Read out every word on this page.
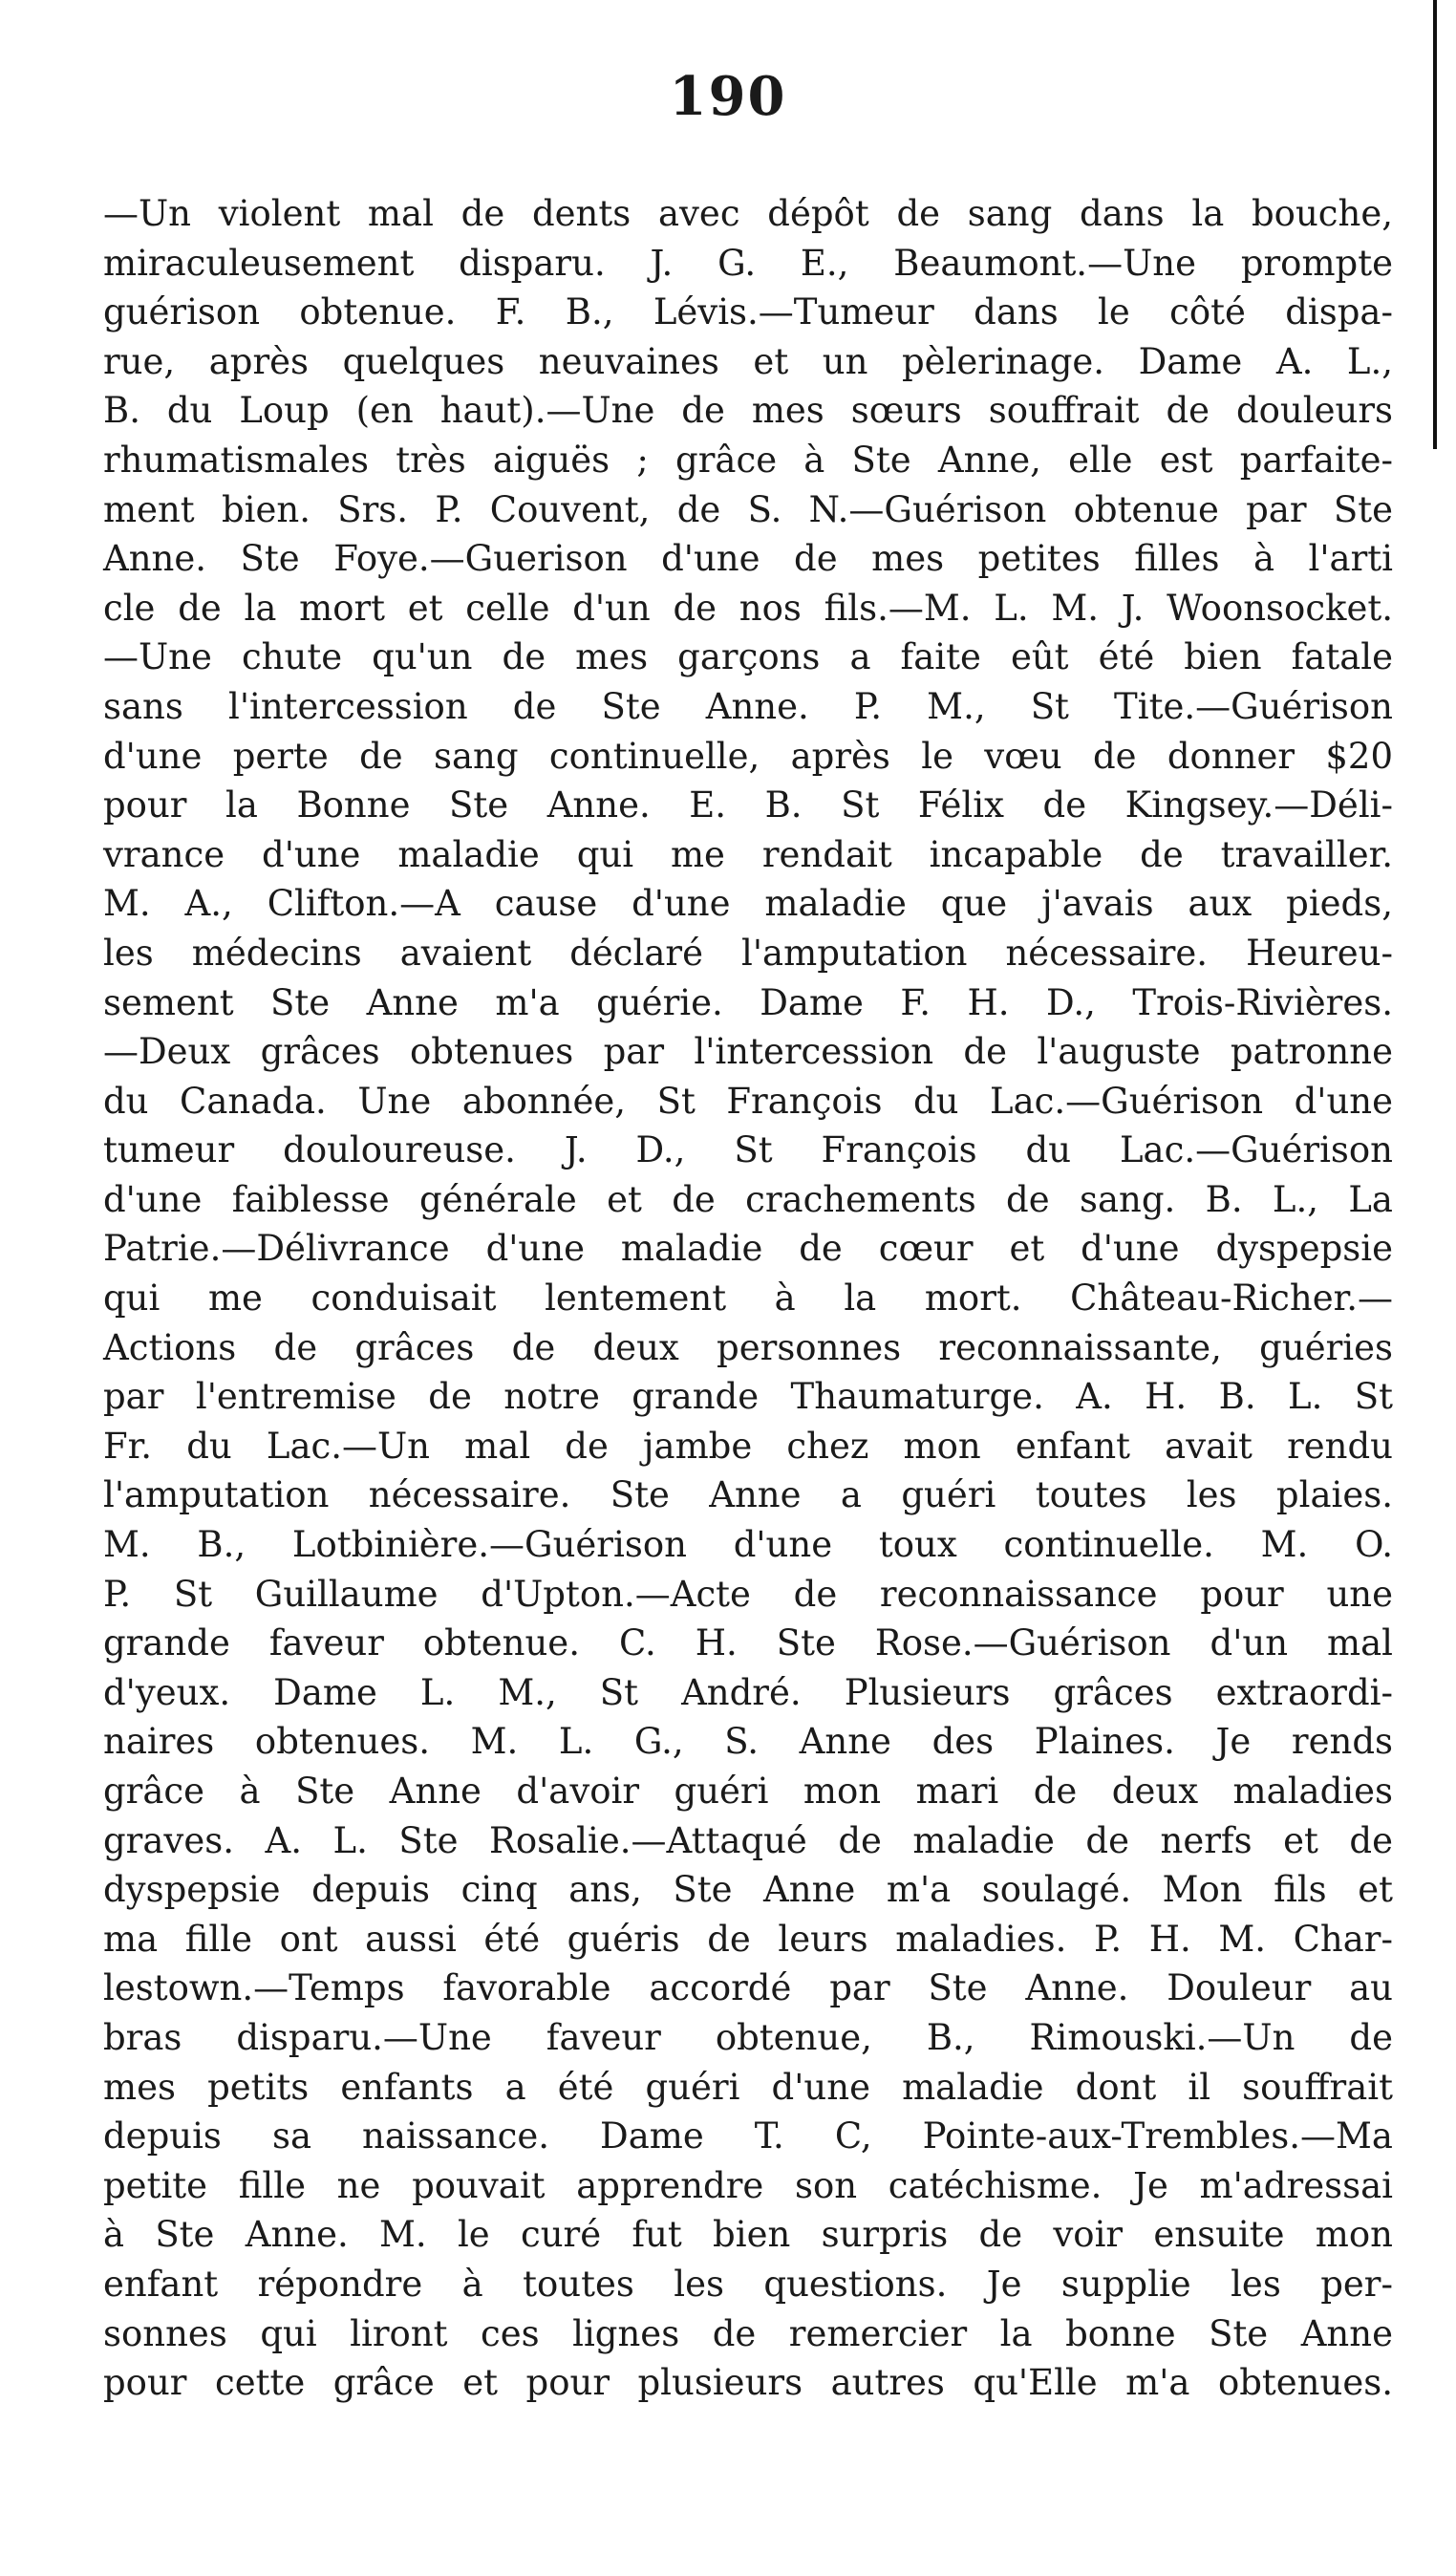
190
—Un violent mal de dents avec dépôt de sang dans la bouche,
miraculeusement disparu. J. G. E., Beaumont.—Une prompte
guérison obtenue. F. B., Lévis.—Tumeur dans le côté dispa-
rue, après quelques neuvaines et un pèlerinage. Dame A. L.,
B. du Loup (en haut).—Une de mes sœurs souffrait de douleurs
rhumatismales très aiguës ; grâce à Ste Anne, elle est parfaite-
ment bien. Srs. P. Couvent, de S. N.—Guérison obtenue par Ste
Anne. Ste Foye.—Guerison d'une de mes petites filles à l'arti
cle de la mort et celle d'un de nos fils.—M. L. M. J. Woonsocket.
—Une chute qu'un de mes garçons a faite eût été bien fatale
sans l'intercession de Ste Anne. P. M., St Tite.—Guérison
d'une perte de sang continuelle, après le vœu de donner $20
pour la Bonne Ste Anne. E. B. St Félix de Kingsey.—Déli-
vrance d'une maladie qui me rendait incapable de travailler.
M. A., Clifton.—A cause d'une maladie que j'avais aux pieds,
les médecins avaient déclaré l'amputation nécessaire. Heureu-
sement Ste Anne m'a guérie. Dame F. H. D., Trois-Rivières.
—Deux grâces obtenues par l'intercession de l'auguste patronne
du Canada. Une abonnée, St François du Lac.—Guérison d'une
tumeur douloureuse. J. D., St François du Lac.—Guérison
d'une faiblesse générale et de crachements de sang. B. L., La
Patrie.—Délivrance d'une maladie de cœur et d'une dyspepsie
qui me conduisait lentement à la mort. Château-Richer.—
Actions de grâces de deux personnes reconnaissante, guéries
par l'entremise de notre grande Thaumaturge. A. H. B. L. St
Fr. du Lac.—Un mal de jambe chez mon enfant avait rendu
l'amputation nécessaire. Ste Anne a guéri toutes les plaies.
M. B., Lotbinière.—Guérison d'une toux continuelle. M. O.
P. St Guillaume d'Upton.—Acte de reconnaissance pour une
grande faveur obtenue. C. H. Ste Rose.—Guérison d'un mal
d'yeux. Dame L. M., St André. Plusieurs grâces extraordi-
naires obtenues. M. L. G., S. Anne des Plaines. Je rends
grâce à Ste Anne d'avoir guéri mon mari de deux maladies
graves. A. L. Ste Rosalie.—Attaqué de maladie de nerfs et de
dyspepsie depuis cinq ans, Ste Anne m'a soulagé. Mon fils et
ma fille ont aussi été guéris de leurs maladies. P. H. M. Char-
lestown.—Temps favorable accordé par Ste Anne. Douleur au
bras disparu.—Une faveur obtenue, B., Rimouski.—Un de
mes petits enfants a été guéri d'une maladie dont il souffrait
depuis sa naissance. Dame T. C, Pointe-aux-Trembles.—Ma
petite fille ne pouvait apprendre son catéchisme. Je m'adressai
à Ste Anne. M. le curé fut bien surpris de voir ensuite mon
enfant répondre à toutes les questions. Je supplie les per-
sonnes qui liront ces lignes de remercier la bonne Ste Anne
pour cette grâce et pour plusieurs autres qu'Elle m'a obtenues.
